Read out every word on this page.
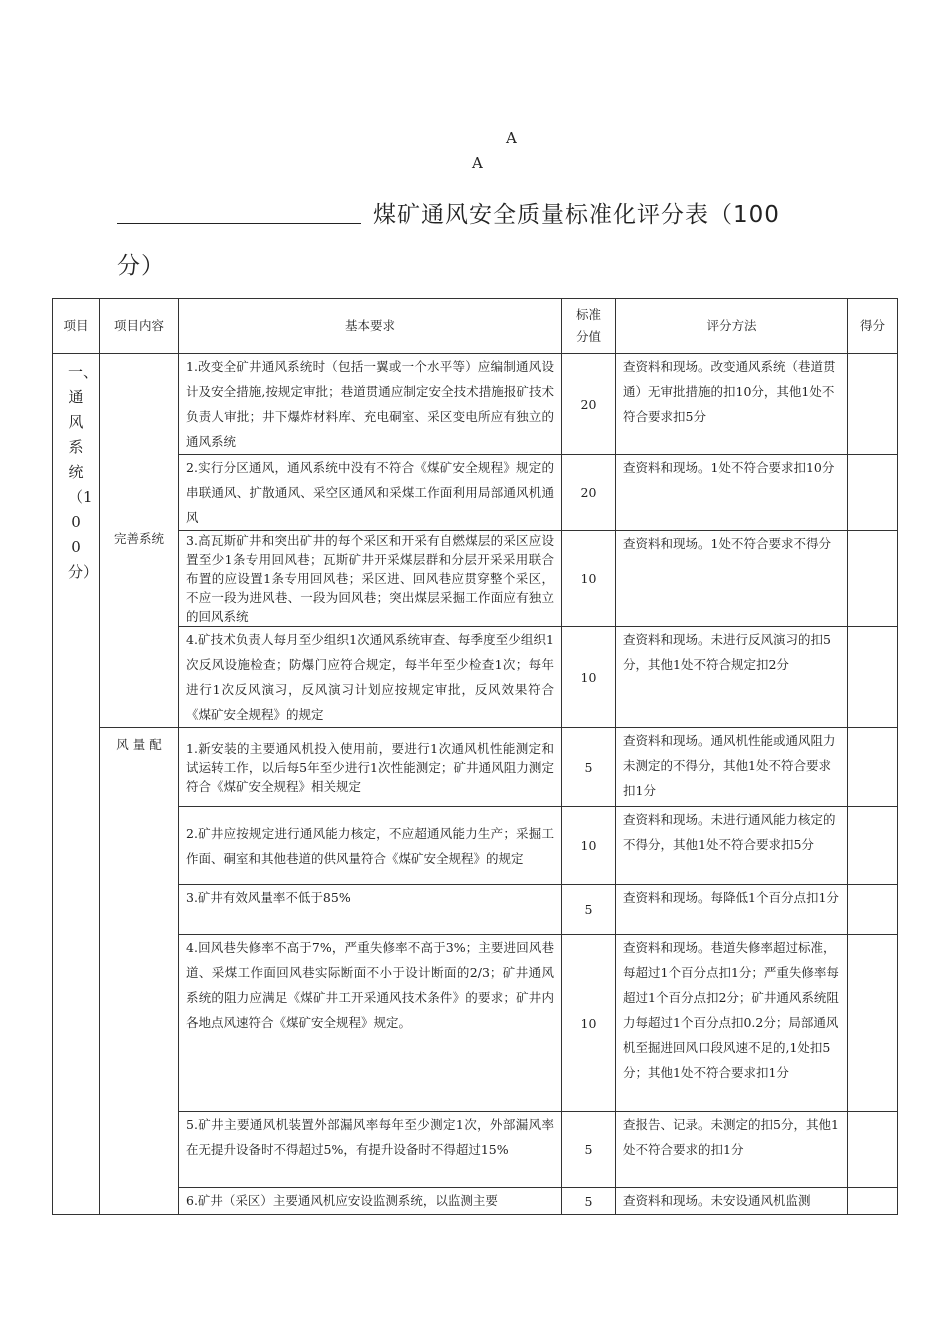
A
A
煤矿通风安全质量标准化评分表（100
分）
项目	项目内容	基本要求	标准分值	评分方法	得分
一、通风系统（100分）	完善系统	1.改变全矿井通风系统时（包括一翼或一个水平等）应编制通风设计及安全措施,按规定审批；巷道贯通应制定安全技术措施报矿技术负责人审批；井下爆炸材料库、充电硐室、采区变电所应有独立的通风系统	20	查资料和现场。改变通风系统（巷道贯通）无审批措施的扣10分，其他1处不符合要求扣5分	
		2.实行分区通风，通风系统中没有不符合《煤矿安全规程》规定的串联通风、扩散通风、采空区通风和采煤工作面利用局部通风机通风	20	查资料和现场。1处不符合要求扣10分	
		3.高瓦斯矿井和突出矿井的每个采区和开采有自燃煤层的采区应设置至少1条专用回风巷；瓦斯矿井开采煤层群和分层开采采用联合布置的应设置1条专用回风巷；采区进、回风巷应贯穿整个采区，不应一段为进风巷、一段为回风巷；突出煤层采掘工作面应有独立的回风系统	10	查资料和现场。1处不符合要求不得分	
		4.矿技术负责人每月至少组织1次通风系统审查、每季度至少组织1次反风设施检查；防爆门应符合规定，每半年至少检查1次；每年进行1次反风演习，反风演习计划应按规定审批，反风效果符合《煤矿安全规程》的规定	10	查资料和现场。未进行反风演习的扣5分，其他1处不符合规定扣2分	
	风 量 配	1.新安装的主要通风机投入使用前，要进行1次通风机性能测定和试运转工作，以后每5年至少进行1次性能测定；矿井通风阻力测定符合《煤矿安全规程》相关规定	5	查资料和现场。通风机性能或通风阻力未测定的不得分，其他1处不符合要求扣1分	
		2.矿井应按规定进行通风能力核定，不应超通风能力生产；采掘工作面、硐室和其他巷道的供风量符合《煤矿安全规程》的规定	10	查资料和现场。未进行通风能力核定的不得分，其他1处不符合要求扣5分	
		3.矿井有效风量率不低于85%	5	查资料和现场。每降低1个百分点扣1分	
		4.回风巷失修率不高于7%，严重失修率不高于3%；主要进回风巷道、采煤工作面回风巷实际断面不小于设计断面的2/3；矿井通风系统的阻力应满足《煤矿井工开采通风技术条件》的要求；矿井内各地点风速符合《煤矿安全规程》规定。	10	查资料和现场。巷道失修率超过标准，每超过1个百分点扣1分；严重失修率每超过1个百分点扣2分；矿井通风系统阻力每超过1个百分点扣0.2分；局部通风机至掘进回风口段风速不足的,1处扣5分；其他1处不符合要求扣1分	
		5.矿井主要通风机装置外部漏风率每年至少测定1次，外部漏风率在无提升设备时不得超过5%，有提升设备时不得超过15%	5	查报告、记录。未测定的扣5分，其他1处不符合要求的扣1分	
		6.矿井（采区）主要通风机应安设监测系统，以监测主要	5	查资料和现场。未安设通风机监测	
